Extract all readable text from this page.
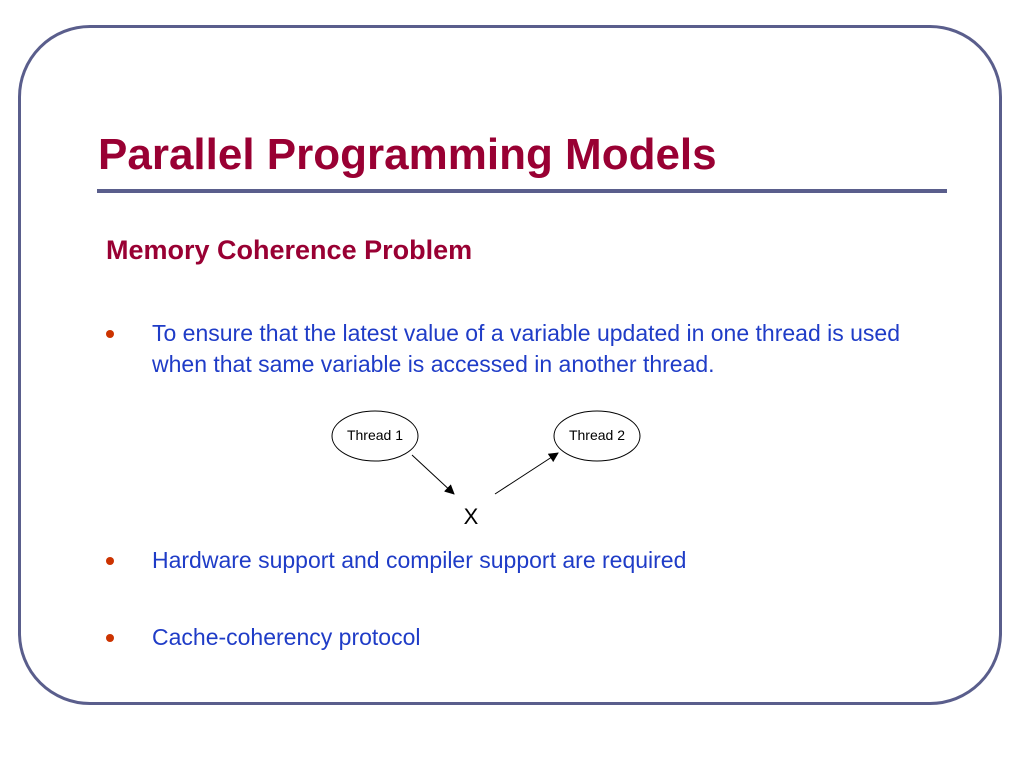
Parallel Programming Models
Memory Coherence Problem

To ensure that the latest value of a variable updated in one thread is used when that same variable is accessed in another thread.

Thread 1	Thread 2
X

Hardware support and compiler support are required

Cache-coherency protocol
